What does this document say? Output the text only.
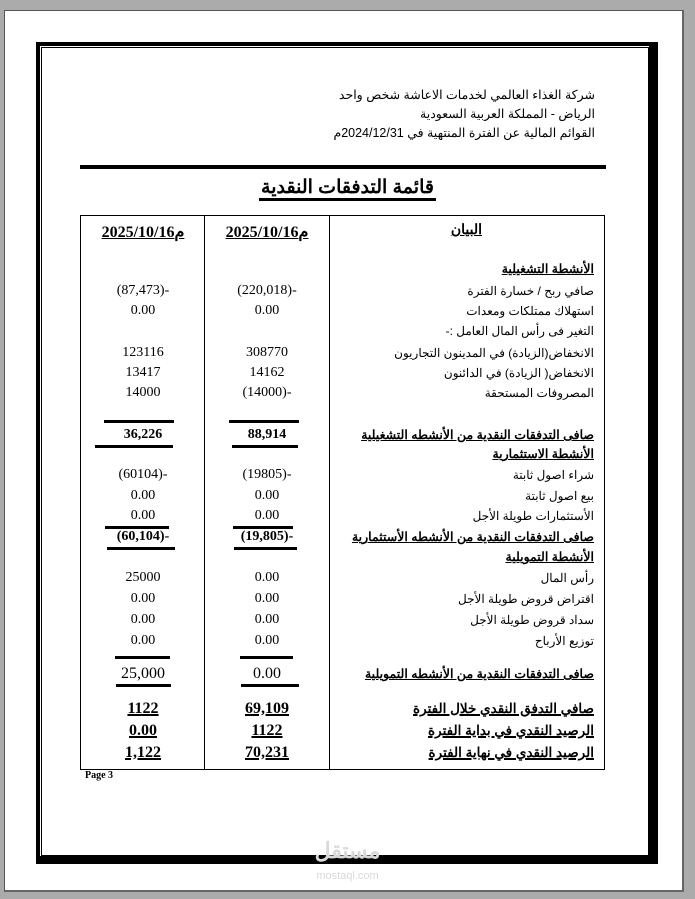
شركة الغذاء العالمي لخدمات الاعاشة شخص واحد
الرياض - المملكة العربية السعودية
القوائم المالية عن الفترة المنتهية في 2024/12/31م
قائمة التدفقات النقدية
البيان
2025/10/16م
2025/10/16م
الأنشطة التشغيلية
صافي ربح / خسارة الفترة
(220,018)-
(87,473)-
استهلاك ممتلكات ومعدات
0.00
0.00
التغير فى رأس المال العامل :-
الانخفاض(الزيادة) في المدينون التجاريون
308770
123116
الانخفاض( الزيادة) في الدائنون
14162
13417
المصروفات المستحقة
(14000)-
14000
صافى التدفقات النقدية من الأنشطه التشغيلية
88,914
36,226
الأنشطة الاستثمارية
شراء اصول ثابتة
(19805)-
(60104)-
بيع اصول ثابتة
0.00
0.00
الأستثمارات طويلة الأجل
0.00
0.00
صافى التدفقات النقدية من الأنشطه الأستثمارية
(19,805)-
(60,104)-
الأنشطة التمويلية
رأس المال
0.00
25000
اقتراض قروض طويلة الأجل
0.00
0.00
سداد قروض طويلة الأجل
0.00
0.00
توزيع الأرباح
0.00
0.00
صافى التدفقات النقدية من الأنشطه التمويلية
0.00
25,000
صافي التدفق النقدي خلال الفترة
69,109
1122
الرصيد النقدي في بداية الفترة
1122
0.00
الرصيد النقدي في نهاية الفترة
70,231
1,122
Page 3
مستقل
mostaql.com
